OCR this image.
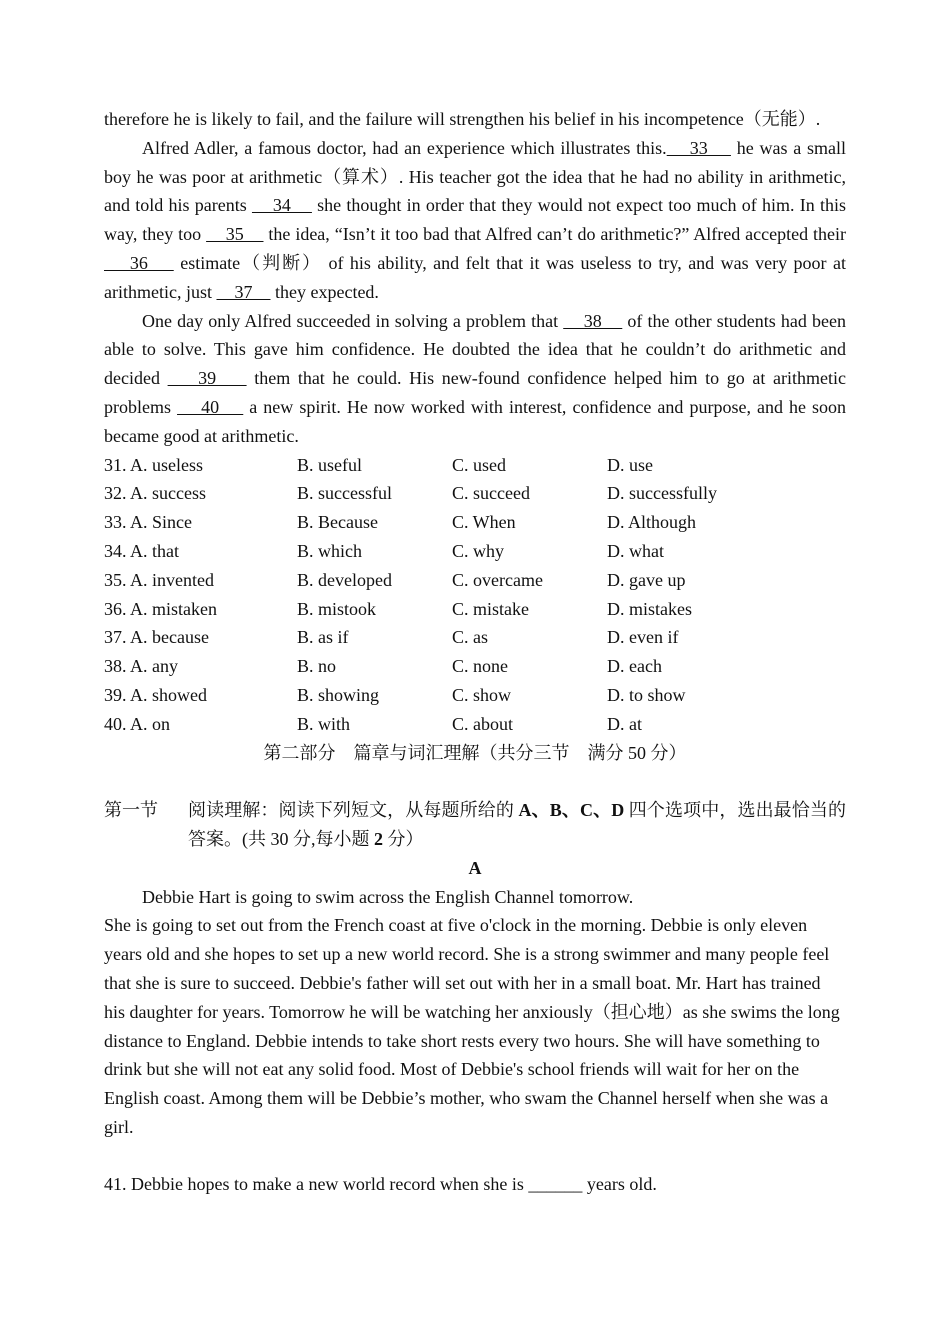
therefore he is likely to fail, and the failure will strengthen his belief in his incompetence（无能）.

Alfred Adler, a famous doctor, had an experience which illustrates this.    33     he was a small boy he was poor at arithmetic（算术）. His teacher got the idea that he had no ability in arithmetic, and told his parents     34     she thought in order that they would not expect too much of him. In this way, they too     35     the idea, “Isn’t it too bad that Alfred can’t do arithmetic?” Alfred accepted their     36     estimate（判断） of his ability, and felt that it was useless to try, and was very poor at arithmetic, just     37     they expected.

One day only Alfred succeeded in solving a problem that     38     of the other students had been able to solve. This gave him confidence. He doubted the idea that he couldn’t do arithmetic and decided     39     them that he could. His new-found confidence helped him to go at arithmetic problems     40     a new spirit. He now worked with interest, confidence and purpose, and he soon became good at arithmetic.

31. A. useless	B. useful	C. used	D. use
32. A. success	B. successful	C. succeed	D. successfully
33. A. Since	B. Because	C. When	D. Although
34. A. that	B. which	C. why	D. what
35. A. invented	B. developed	C. overcame	D. gave up
36. A. mistaken	B. mistook	C. mistake	D. mistakes
37. A. because	B. as if	C. as	D. even if
38. A. any	B. no	C. none	D. each
39. A. showed	B. showing	C. show	D. to show
40. A. on	B. with	C. about	D. at

第二部分　篇章与词汇理解（共分三节　满分 50 分）

第一节	阅读理解：阅读下列短文，从每题所给的 A、B、C、D 四个选项中，选出最恰当的答案。(共 30 分,每小题 2 分）

A

Debbie Hart is going to swim across the English Channel tomorrow.

She is going to set out from the French coast at five o'clock in the morning. Debbie is only eleven years old and she hopes to set up a new world record. She is a strong swimmer and many people feel that she is sure to succeed. Debbie's father will set out with her in a small boat. Mr. Hart has trained his daughter for years. Tomorrow he will be watching her anxiously（担心地）as she swims the long distance to England. Debbie intends to take short rests every two hours. She will have something to drink but she will not eat any solid food. Most of Debbie's school friends will wait for her on the English coast. Among them will be Debbie’s mother, who swam the Channel herself when she was a girl.

41. Debbie hopes to make a new world record when she is ______ years old.
